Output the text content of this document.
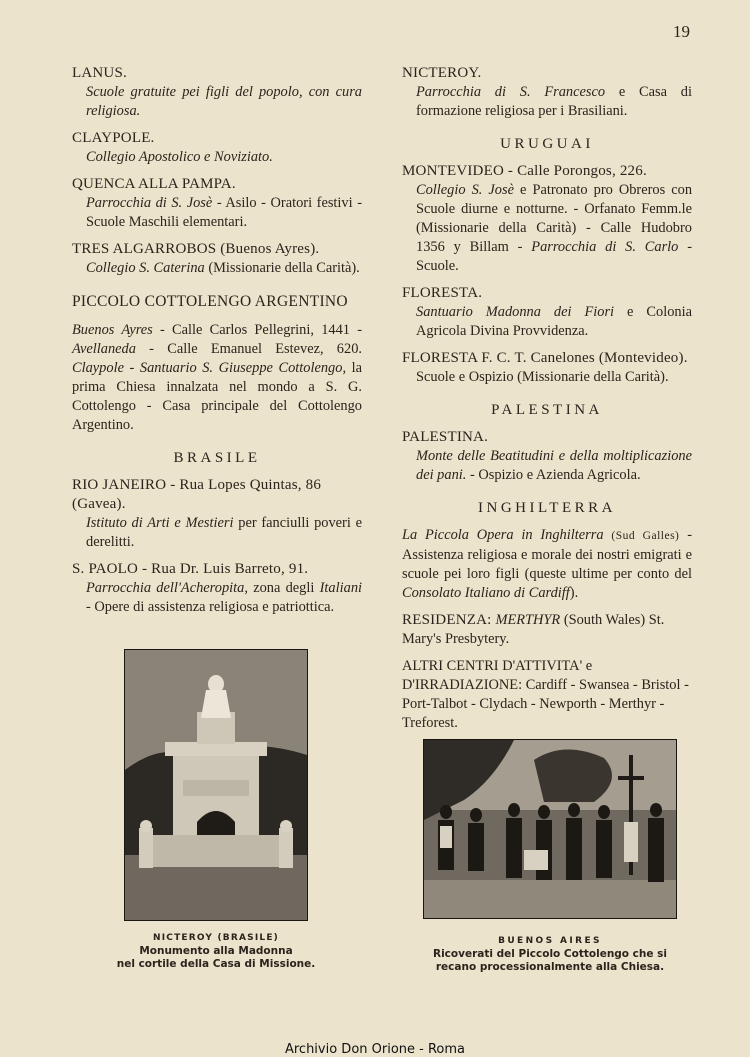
19
LANUS.
Scuole gratuite pei figli del popolo, con cura religiosa.
CLAYPOLE.
Collegio Apostolico e Noviziato.
QUENCA ALLA PAMPA.
Parrocchia di S. Josè - Asilo - Oratori festivi - Scuole Maschili elementari.
TRES ALGARROBOS (Buenos Ayres).
Collegio S. Caterina (Missionarie della Carità).
PICCOLO COTTOLENGO ARGENTINO
Buenos Ayres - Calle Carlos Pellegrini, 1441 - Avellaneda - Calle Emanuel Estevez, 620. Claypole - Santuario S. Giuseppe Cottolengo, la prima Chiesa innalzata nel mondo a S. G. Cottolengo - Casa principale del Cottolengo Argentino.
BRASILE
RIO JANEIRO - Rua Lopes Quintas, 86 (Gavea).
Istituto di Arti e Mestieri per fanciulli poveri e derelitti.
S. PAOLO - Rua Dr. Luis Barreto, 91.
Parrocchia dell'Acheropita, zona degli Italiani - Opere di assistenza religiosa e patriottica.
NICTEROY (BRASILE)
Monumento alla Madonna
nel cortile della Casa di Missione.
NICTEROY.
Parrocchia di S. Francesco e Casa di formazione religiosa per i Brasiliani.
URUGUAI
MONTEVIDEO - Calle Porongos, 226.
Collegio S. Josè e Patronato pro Obreros con Scuole diurne e notturne. - Orfanato Femm.le (Missionarie della Carità) - Calle Hudobro 1356 y Billam - Parrocchia di S. Carlo - Scuole.
FLORESTA.
Santuario Madonna dei Fiori e Colonia Agricola Divina Provvidenza.
FLORESTA F. C. T. Canelones (Montevideo).
Scuole e Ospizio (Missionarie della Carità).
PALESTINA
PALESTINA.
Monte delle Beatitudini e della moltiplicazione dei pani. - Ospizio e Azienda Agricola.
INGHILTERRA
La Piccola Opera in Inghilterra (Sud Galles) - Assistenza religiosa e morale dei nostri emigrati e scuole pei loro figli (queste ultime per conto del Consolato Italiano di Cardiff).
RESIDENZA: MERTHYR (South Wales) St. Mary's Presbytery.
ALTRI CENTRI D'ATTIVITA' e D'IRRADIAZIONE: Cardiff - Swansea - Bristol - Port-Talbot - Clydach - Newporth - Merthyr - Treforest.
BUENOS AIRES
Ricoverati del Piccolo Cottolengo che si
recano processionalmente alla Chiesa.
Archivio Don Orione - Roma
